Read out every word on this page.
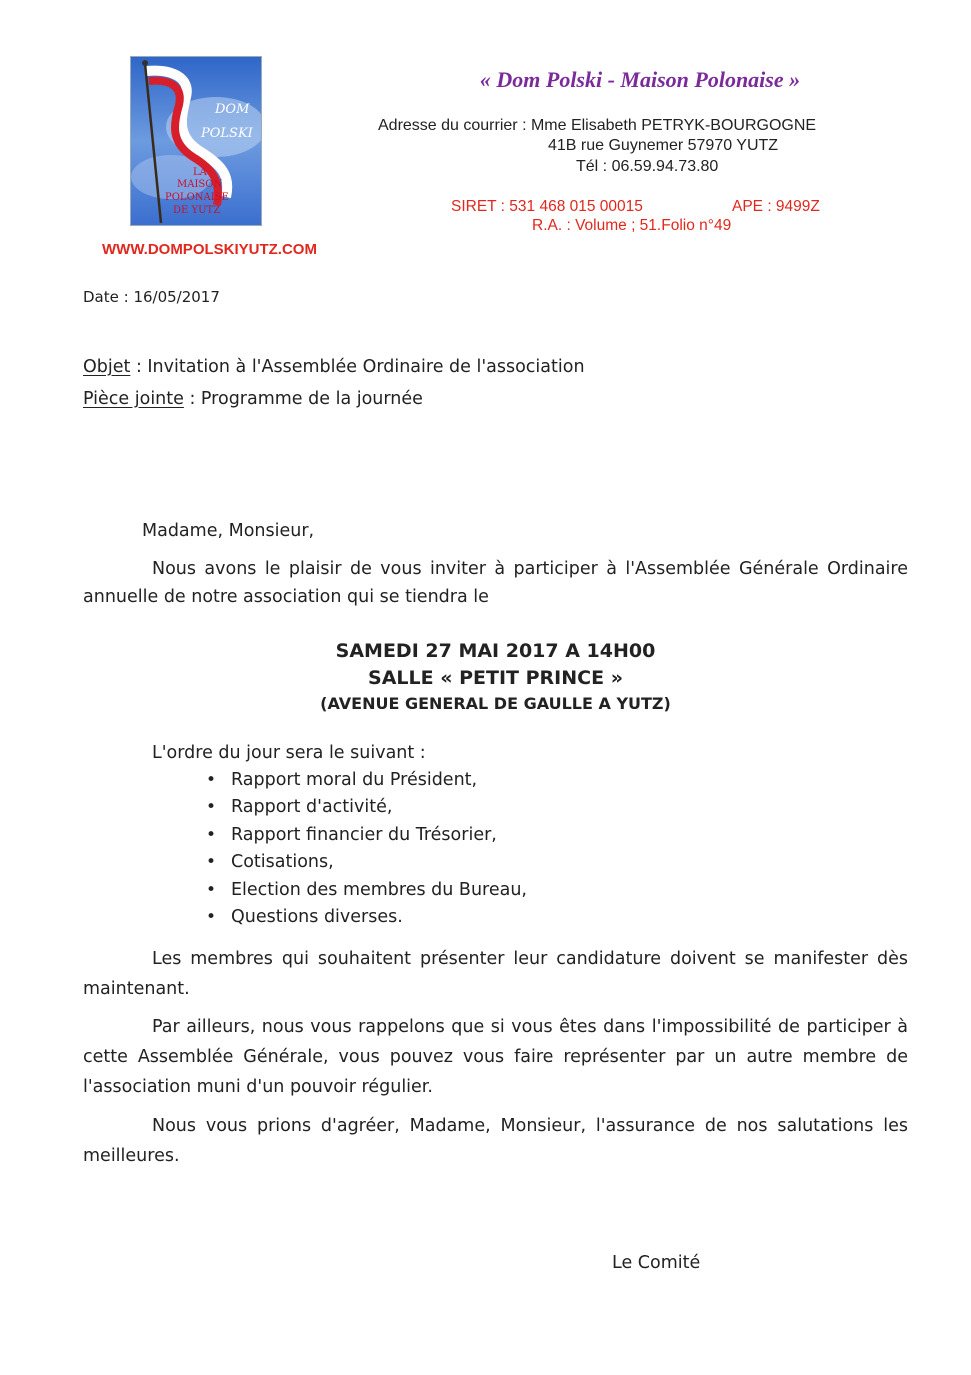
DOM
POLSKI
LA
MAISON
POLONAISE
DE YUTZ
WWW.DOMPOLSKIYUTZ.COM
« Dom Polski - Maison Polonaise »
Adresse du courrier : Mme Elisabeth PETRYK-BOURGOGNE
41B rue Guynemer 57970 YUTZ
Tél : 06.59.94.73.80
SIRET : 531 468 015 00015	APE : 9499Z
R.A. : Volume ; 51.Folio n°49
Date : 16/05/2017
Objet : Invitation à l'Assemblée Ordinaire de l'association
Pièce jointe : Programme de la journée
Madame, Monsieur,
Nous avons le plaisir de vous inviter à participer à l'Assemblée Générale Ordinaire annuelle de notre association qui se tiendra le
SAMEDI 27 MAI 2017 A 14H00
SALLE « PETIT PRINCE »
(AVENUE GENERAL DE GAULLE A YUTZ)
L'ordre du jour sera le suivant :
• Rapport moral du Président,
• Rapport d'activité,
• Rapport financier du Trésorier,
• Cotisations,
• Election des membres du Bureau,
• Questions diverses.
Les membres qui souhaitent présenter leur candidature doivent se manifester dès maintenant.
Par ailleurs, nous vous rappelons que si vous êtes dans l'impossibilité de participer à cette Assemblée Générale, vous pouvez vous faire représenter par un autre membre de l'association muni d'un pouvoir régulier.
Nous vous prions d'agréer, Madame, Monsieur, l'assurance de nos salutations les meilleures.
Le Comité
